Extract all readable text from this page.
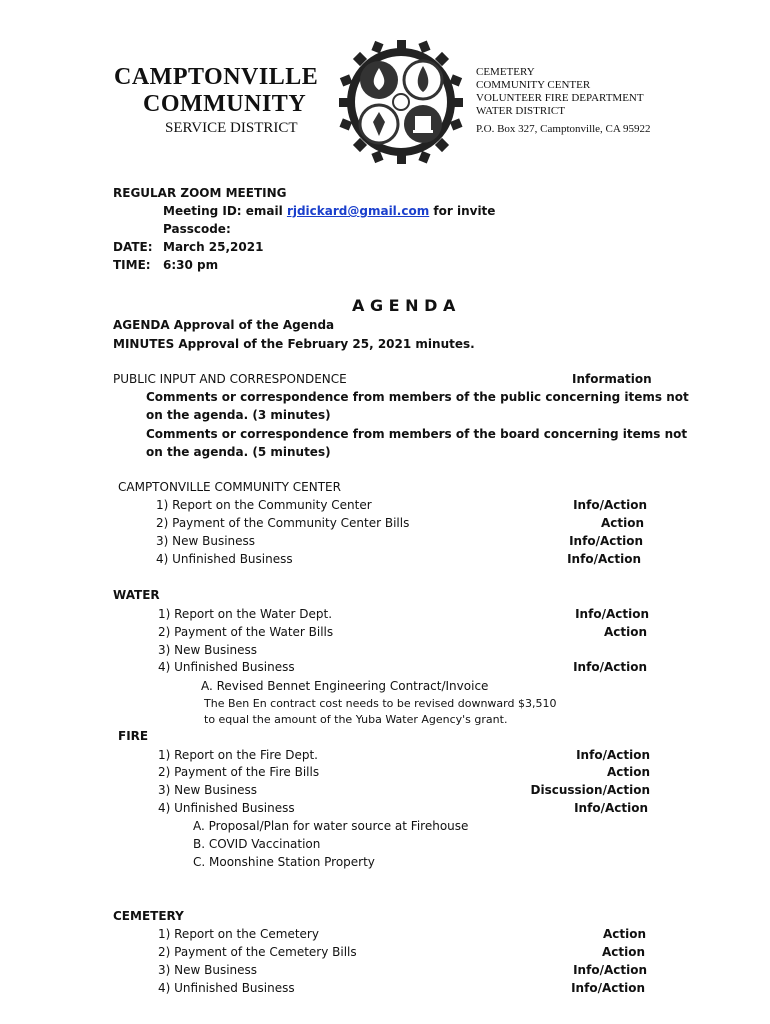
CAMPTONVILLE
COMMUNITY
SERVICE DISTRICT
CEMETERY
COMMUNITY CENTER
VOLUNTEER FIRE DEPARTMENT
WATER DISTRICT
P.O. Box 327, Camptonville, CA 95922
REGULAR ZOOM MEETING
Meeting ID: email rjdickard@gmail.com for invite
Passcode:
DATE: March 25,2021
TIME: 6:30 pm
A G E N D A
AGENDA Approval of the Agenda
MINUTES Approval of the February 25, 2021 minutes.
PUBLIC INPUT AND CORRESPONDENCE	Information
Comments or correspondence from members of the public concerning items not
on the agenda. (3 minutes)
Comments or correspondence from members of the board concerning items not
on the agenda. (5 minutes)
CAMPTONVILLE COMMUNITY CENTER
1) Report on the Community Center	Info/Action
2) Payment of the Community Center Bills	Action
3) New Business	Info/Action
4) Unfinished Business	Info/Action
WATER
1) Report on the Water Dept.	Info/Action
2) Payment of the Water Bills	Action
3) New Business
4) Unfinished Business	Info/Action
A. Revised Bennet Engineering Contract/Invoice
The Ben En contract cost needs to be revised downward $3,510
to equal the amount of the Yuba Water Agency's grant.
FIRE
1) Report on the Fire Dept.	Info/Action
2) Payment of the Fire Bills	Action
3) New Business	Discussion/Action
4) Unfinished Business	Info/Action
A. Proposal/Plan for water source at Firehouse
B. COVID Vaccination
C. Moonshine Station Property
CEMETERY
1) Report on the Cemetery	Action
2) Payment of the Cemetery Bills	Action
3) New Business	Info/Action
4) Unfinished Business	Info/Action
